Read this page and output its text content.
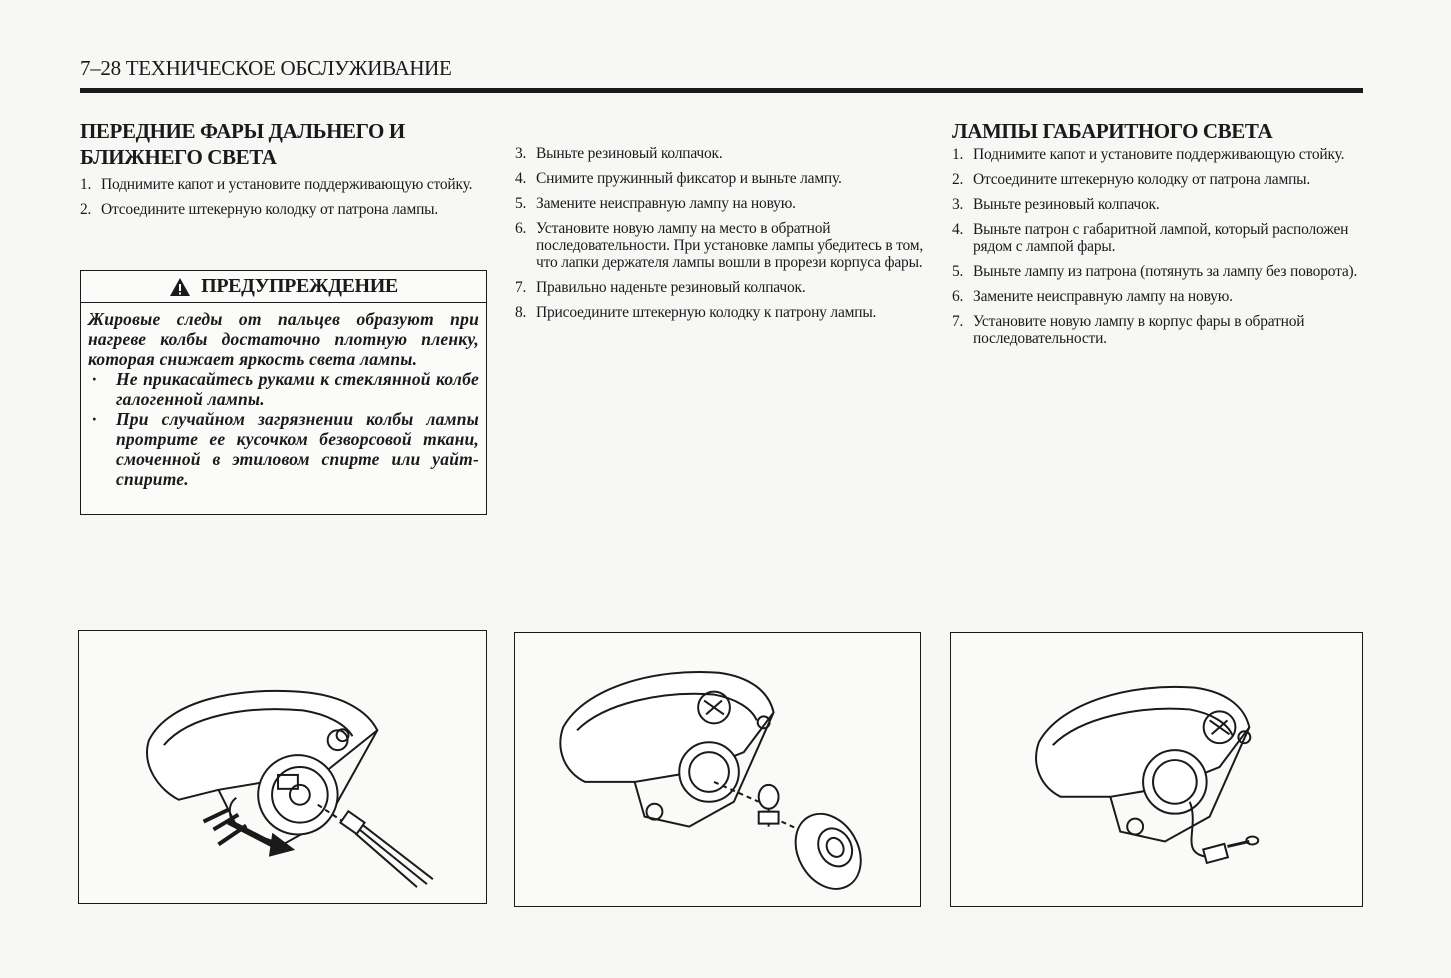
7–28 ТЕХНИЧЕСКОЕ ОБСЛУЖИВАНИЕ
ПЕРЕДНИЕ ФАРЫ ДАЛЬНЕГО И
БЛИЖНЕГО СВЕТА
1. Поднимите капот и установите поддерживающую стойку.
2. Отсоедините штекерную колодку от патрона лампы.
ПРЕДУПРЕЖДЕНИЕ
Жировые следы от пальцев образуют при нагреве колбы достаточно плотную пленку, которая снижает яркость света лампы.
·	Не прикасайтесь руками к стеклянной колбе галогенной лампы.
·	При случайном загрязнении колбы лампы протрите ее кусочком безворсовой ткани, смоченной в этиловом спирте или уайт-спирите.
3. Выньте резиновый колпачок.
4. Снимите пружинный фиксатор и выньте лампу.
5. Замените неисправную лампу на новую.
6. Установите новую лампу на место в обратной последовательности. При установке лампы убедитесь в том, что лапки держателя лампы вошли в прорези корпуса фары.
7. Правильно наденьте резиновый колпачок.
8. Присоедините штекерную колодку к патрону лампы.
ЛАМПЫ ГАБАРИТНОГО СВЕТА
1. Поднимите капот и установите поддерживающую стойку.
2. Отсоедините штекерную колодку от патрона лампы.
3. Выньте резиновый колпачок.
4. Выньте патрон с габаритной лампой, который расположен рядом с лампой фары.
5. Выньте лампу из патрона (потянуть за лампу без поворота).
6. Замените неисправную лампу на новую.
7. Установите новую лампу в корпус фары в обратной последовательности.
